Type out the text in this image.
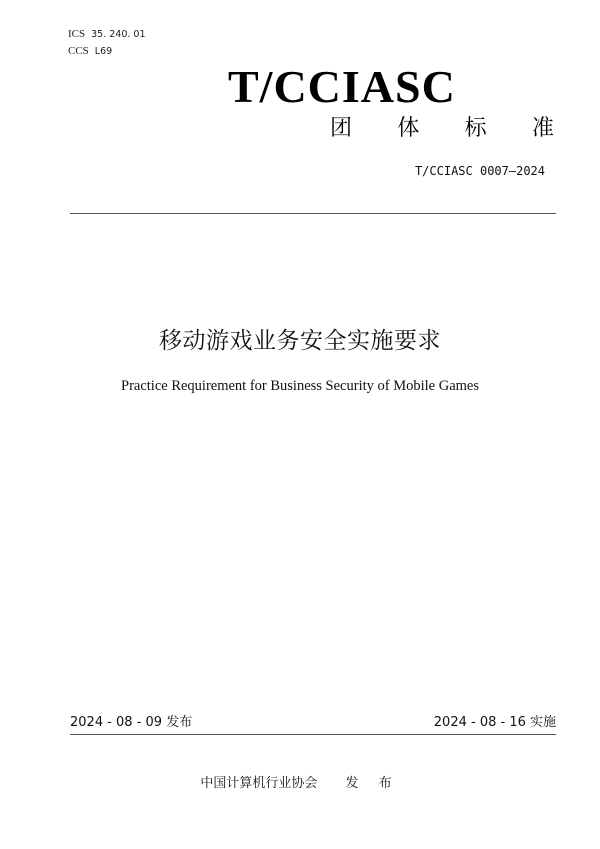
ICS 35. 240. 01
CCS L69
T/CCIASC
团 体 标 准
T/CCIASC 0007—2024
移动游戏业务安全实施要求
Practice Requirement for Business Security of Mobile Games
2024 - 08 - 09 发布	2024 - 08 - 16 实施
中国计算机行业协会 发 布
